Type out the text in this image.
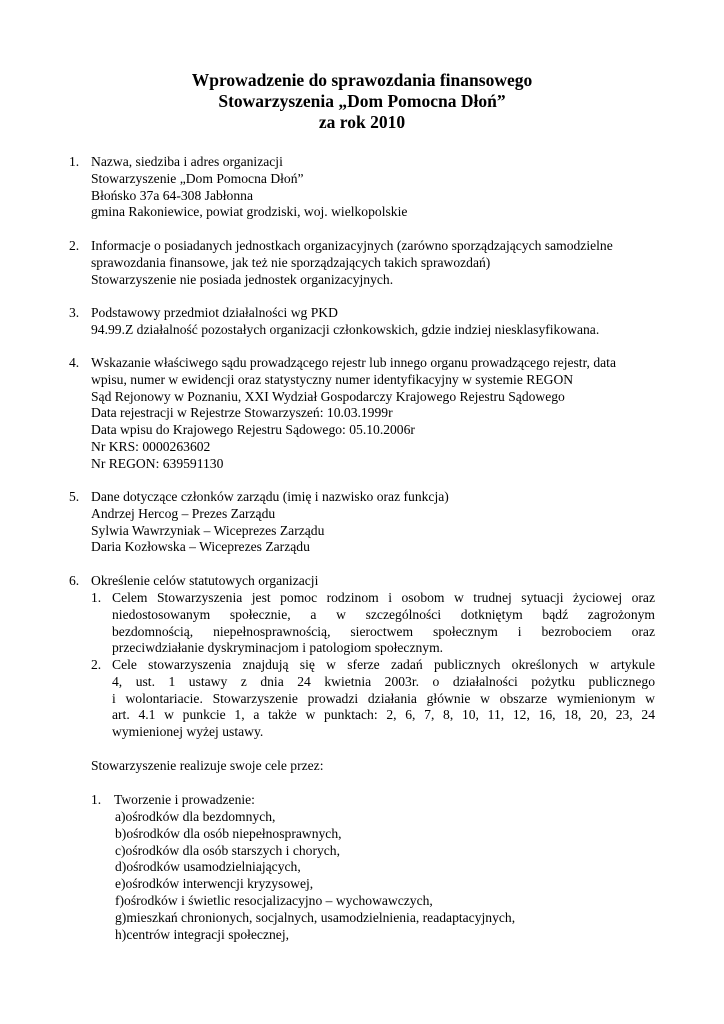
Wprowadzenie do sprawozdania finansowego
Stowarzyszenia „Dom Pomocna Dłoń”
za rok 2010
1. Nazwa, siedziba i adres organizacji
Stowarzyszenie „Dom Pomocna Dłoń”
Błońsko 37a 64-308 Jabłonna
gmina Rakoniewice, powiat grodziski, woj. wielkopolskie
2. Informacje o posiadanych jednostkach organizacyjnych (zarówno sporządzających samodzielne
sprawozdania finansowe, jak też nie sporządzających takich sprawozdań)
Stowarzyszenie nie posiada jednostek organizacyjnych.
3. Podstawowy przedmiot działalności wg PKD
94.99.Z działalność pozostałych organizacji członkowskich, gdzie indziej niesklasyfikowana.
4. Wskazanie właściwego sądu prowadzącego rejestr lub innego organu prowadzącego rejestr, data
wpisu, numer w ewidencji oraz statystyczny numer identyfikacyjny w systemie REGON
Sąd Rejonowy w Poznaniu, XXI Wydział Gospodarczy Krajowego Rejestru Sądowego
Data rejestracji w Rejestrze Stowarzyszeń: 10.03.1999r
Data wpisu do Krajowego Rejestru Sądowego: 05.10.2006r
Nr KRS: 0000263602
Nr REGON: 639591130
5. Dane dotyczące członków zarządu (imię i nazwisko oraz funkcja)
Andrzej Hercog – Prezes Zarządu
Sylwia Wawrzyniak – Wiceprezes Zarządu
Daria Kozłowska – Wiceprezes Zarządu
6. Określenie celów statutowych organizacji
1. Celem Stowarzyszenia jest pomoc rodzinom i osobom w trudnej sytuacji życiowej oraz
niedostosowanym społecznie, a w szczególności dotkniętym bądź zagrożonym
bezdomnością, niepełnosprawnością, sieroctwem społecznym i bezrobociem oraz
przeciwdziałanie dyskryminacjom i patologiom społecznym.
2. Cele stowarzyszenia znajdują się w sferze zadań publicznych określonych w artykule
4, ust. 1 ustawy z dnia 24 kwietnia 2003r. o działalności pożytku publicznego
i wolontariacie. Stowarzyszenie prowadzi działania głównie w obszarze wymienionym w
art. 4.1 w punkcie 1, a także w punktach: 2, 6, 7, 8, 10, 11, 12, 16, 18, 20, 23, 24
wymienionej wyżej ustawy.
Stowarzyszenie realizuje swoje cele przez:
1. Tworzenie i prowadzenie:
a)ośrodków dla bezdomnych,
b)ośrodków dla osób niepełnosprawnych,
c)ośrodków dla osób starszych i chorych,
d)ośrodków usamodzielniających,
e)ośrodków interwencji kryzysowej,
f)ośrodków i świetlic resocjalizacyjno – wychowawczych,
g)mieszkań chronionych, socjalnych, usamodzielnienia, readaptacyjnych,
h)centrów integracji społecznej,
